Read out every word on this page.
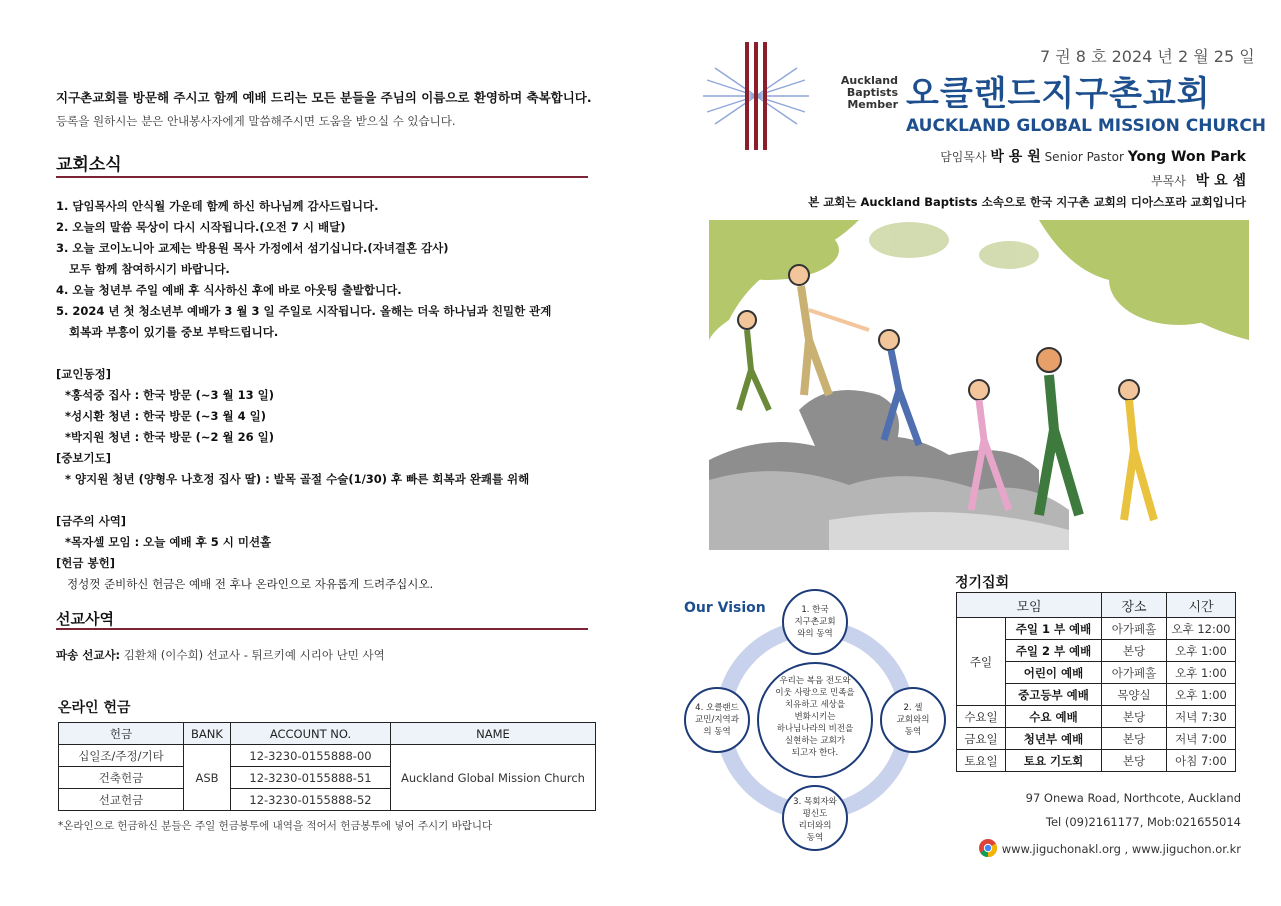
지구촌교회를 방문해 주시고 함께 예배 드리는 모든 분들을 주님의 이름으로 환영하며 축복합니다.
등록을 원하시는 분은 안내봉사자에게 말씀해주시면 도움을 받으실 수 있습니다.
교회소식
1. 담임목사의 안식월 가운데 함께 하신 하나님께 감사드립니다.
2. 오늘의 말씀 묵상이 다시 시작됩니다.(오전 7 시 배달)
3. 오늘 코이노니아 교제는 박용원 목사 가정에서 섬기십니다.(자녀결혼 감사)
모두 함께 참여하시기 바랍니다.
4. 오늘 청년부 주일 예배 후 식사하신 후에 바로 아웃팅 출발합니다.
5. 2024 년 첫 청소년부 예배가 3 월 3 일 주일로 시작됩니다. 올해는 더욱 하나님과 친밀한 관계
회복과 부흥이 있기를 중보 부탁드립니다.
[교인동정]
*홍석중 집사 : 한국 방문 (~3 월 13 일)
*성시환 청년 : 한국 방문 (~3 월 4 일)
*박지원 청년 : 한국 방문 (~2 월 26 일)
[중보기도]
* 양지원 청년 (양형우 나호정 집사 딸) : 발목 골절 수술(1/30) 후 빠른 회복과 완쾌를 위해
[금주의 사역]
*목자셀 모임 : 오늘 예배 후 5 시 미션홀
[헌금 봉헌]
정성껏 준비하신 헌금은 예배 전 후나 온라인으로 자유롭게 드려주십시오.
선교사역
파송 선교사: 김환채 (이수희) 선교사 - 튀르키예 시리아 난민 사역
온라인 헌금
헌금	BANK	ACCOUNT NO.	NAME
십일조/주정/기타	ASB	12-3230-0155888-00	Auckland Global Mission Church
건축헌금		12-3230-0155888-51	
선교헌금		12-3230-0155888-52	
*온라인으로 헌금하신 분들은 주일 헌금봉투에 내역을 적어서 헌금봉투에 넣어 주시기 바랍니다
7 권 8 호 2024 년 2 월 25 일
Auckland
Baptists
Member 오클랜드지구촌교회
AUCKLAND GLOBAL MISSION CHURCH
담임목사 박 용 원 Senior Pastor Yong Won Park
부목사 박 요 셉
본 교회는 Auckland Baptists 소속으로 한국 지구촌 교회의 디아스포라 교회입니다
Our Vision
우리는 복음 전도와
이웃 사랑으로 민족을
치유하고 세상을
변화시키는
하나님나라의 비전을
실현하는 교회가
되고자 한다.
1. 한국
지구촌교회
와의 동역
2. 셀
교회와의
동역
3. 목회자와
평신도
리더와의
동역
4. 오클랜드
교민/지역과
의 동역
정기집회
모임		장소	시간
주일	주일 1 부 예배	아가페홀	오후 12:00
	주일 2 부 예배	본당	오후 1:00
	어린이 예배	아가페홀	오후 1:00
	중고등부 예배	목양실	오후 1:00
수요일	수요 예배	본당	저녁 7:30
금요일	청년부 예배	본당	저녁 7:00
토요일	토요 기도회	본당	아침 7:00
97 Onewa Road, Northcote, Auckland
Tel (09)2161177, Mob:021655014
www.jiguchonakl.org , www.jiguchon.or.kr
